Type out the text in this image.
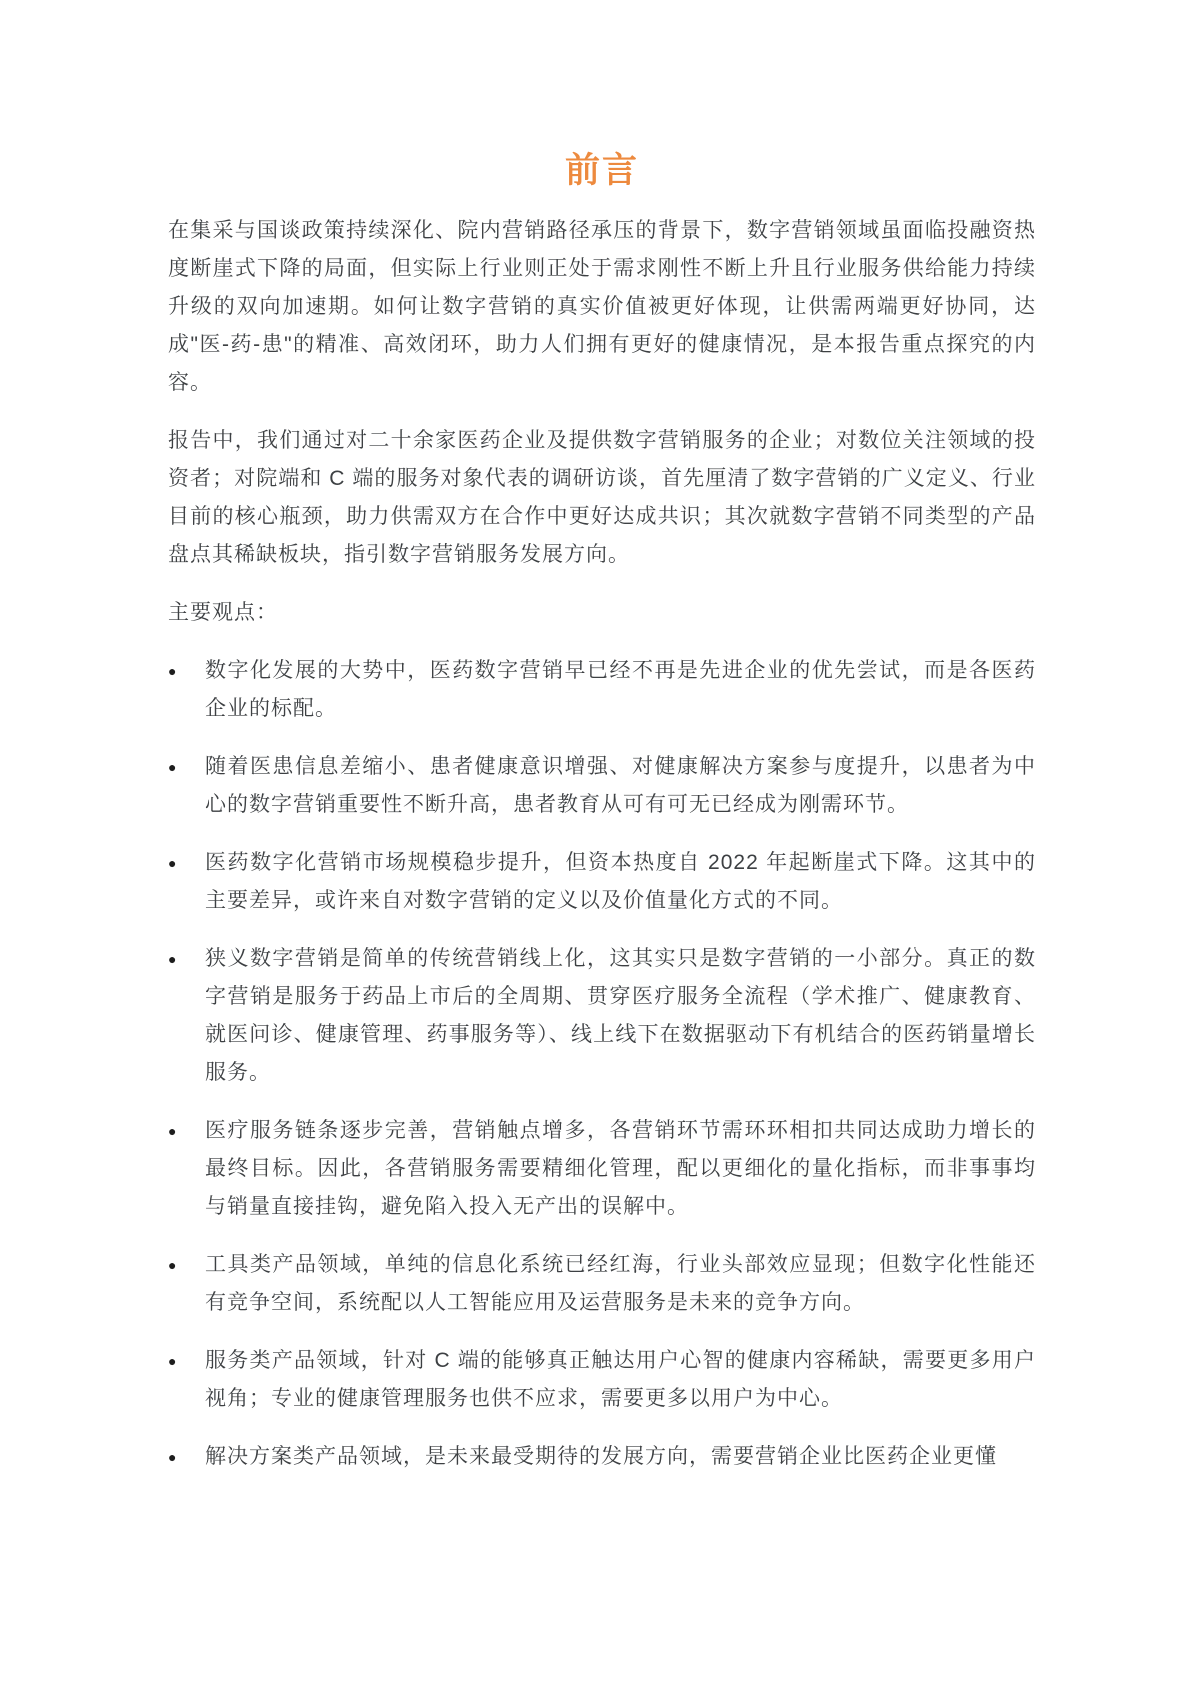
前言

在集采与国谈政策持续深化、院内营销路径承压的背景下，数字营销领域虽面临投融资热度断崖式下降的局面，但实际上行业则正处于需求刚性不断上升且行业服务供给能力持续升级的双向加速期。如何让数字营销的真实价值被更好体现，让供需两端更好协同，达成"医-药-患"的精准、高效闭环，助力人们拥有更好的健康情况，是本报告重点探究的内容。

报告中，我们通过对二十余家医药企业及提供数字营销服务的企业；对数位关注领域的投资者；对院端和 C 端的服务对象代表的调研访谈，首先厘清了数字营销的广义定义、行业目前的核心瓶颈，助力供需双方在合作中更好达成共识；其次就数字营销不同类型的产品盘点其稀缺板块，指引数字营销服务发展方向。

主要观点：

●	数字化发展的大势中，医药数字营销早已经不再是先进企业的优先尝试，而是各医药企业的标配。
●	随着医患信息差缩小、患者健康意识增强、对健康解决方案参与度提升，以患者为中心的数字营销重要性不断升高，患者教育从可有可无已经成为刚需环节。
●	医药数字化营销市场规模稳步提升，但资本热度自 2022 年起断崖式下降。这其中的主要差异，或许来自对数字营销的定义以及价值量化方式的不同。
●	狭义数字营销是简单的传统营销线上化，这其实只是数字营销的一小部分。真正的数字营销是服务于药品上市后的全周期、贯穿医疗服务全流程（学术推广、健康教育、就医问诊、健康管理、药事服务等）、线上线下在数据驱动下有机结合的医药销量增长服务。
●	医疗服务链条逐步完善，营销触点增多，各营销环节需环环相扣共同达成助力增长的最终目标。因此，各营销服务需要精细化管理，配以更细化的量化指标，而非事事均与销量直接挂钩，避免陷入投入无产出的误解中。
●	工具类产品领域，单纯的信息化系统已经红海，行业头部效应显现；但数字化性能还有竞争空间，系统配以人工智能应用及运营服务是未来的竞争方向。
●	服务类产品领域，针对 C 端的能够真正触达用户心智的健康内容稀缺，需要更多用户视角；专业的健康管理服务也供不应求，需要更多以用户为中心。
●	解决方案类产品领域，是未来最受期待的发展方向，需要营销企业比医药企业更懂
